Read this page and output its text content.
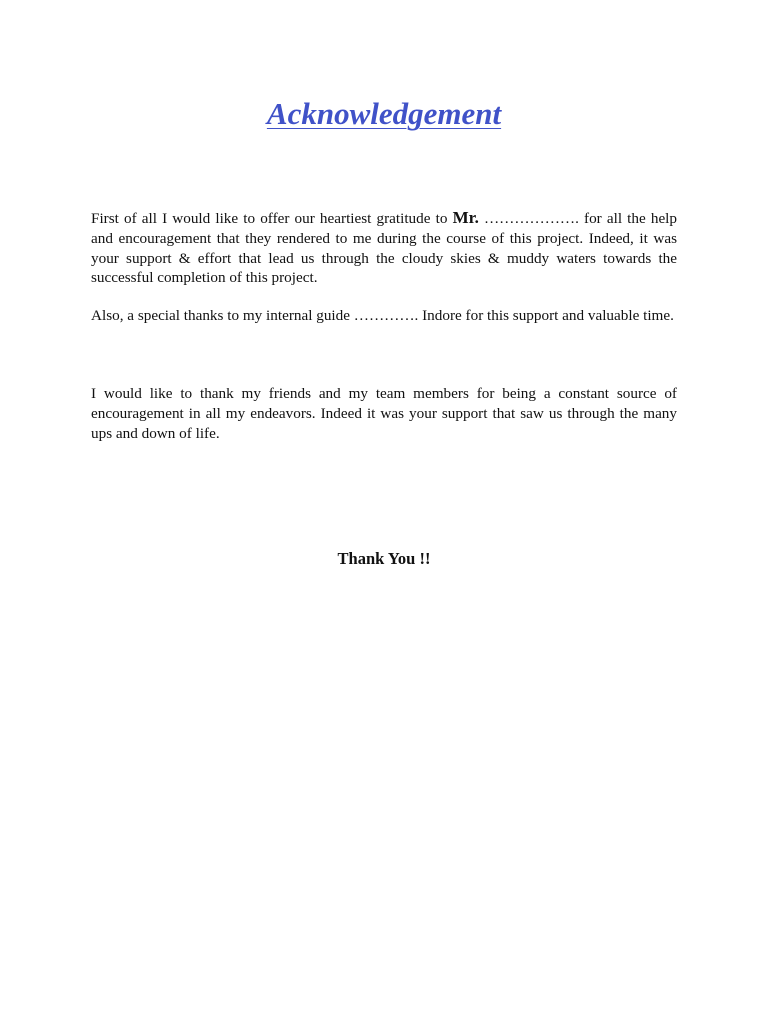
Acknowledgement

First of all I would like to offer our heartiest gratitude to Mr. ………………. for all the help and encouragement that they rendered to me during the course of this project. Indeed, it was your support & effort that lead us through the cloudy skies & muddy waters towards the successful completion of this project.

Also, a special thanks to my internal guide …………. Indore for this support and valuable time.

I would like to thank my friends and my team members for being a constant source of encouragement in all my endeavors. Indeed it was your support that saw us through the many ups and down of life.

Thank You !!
